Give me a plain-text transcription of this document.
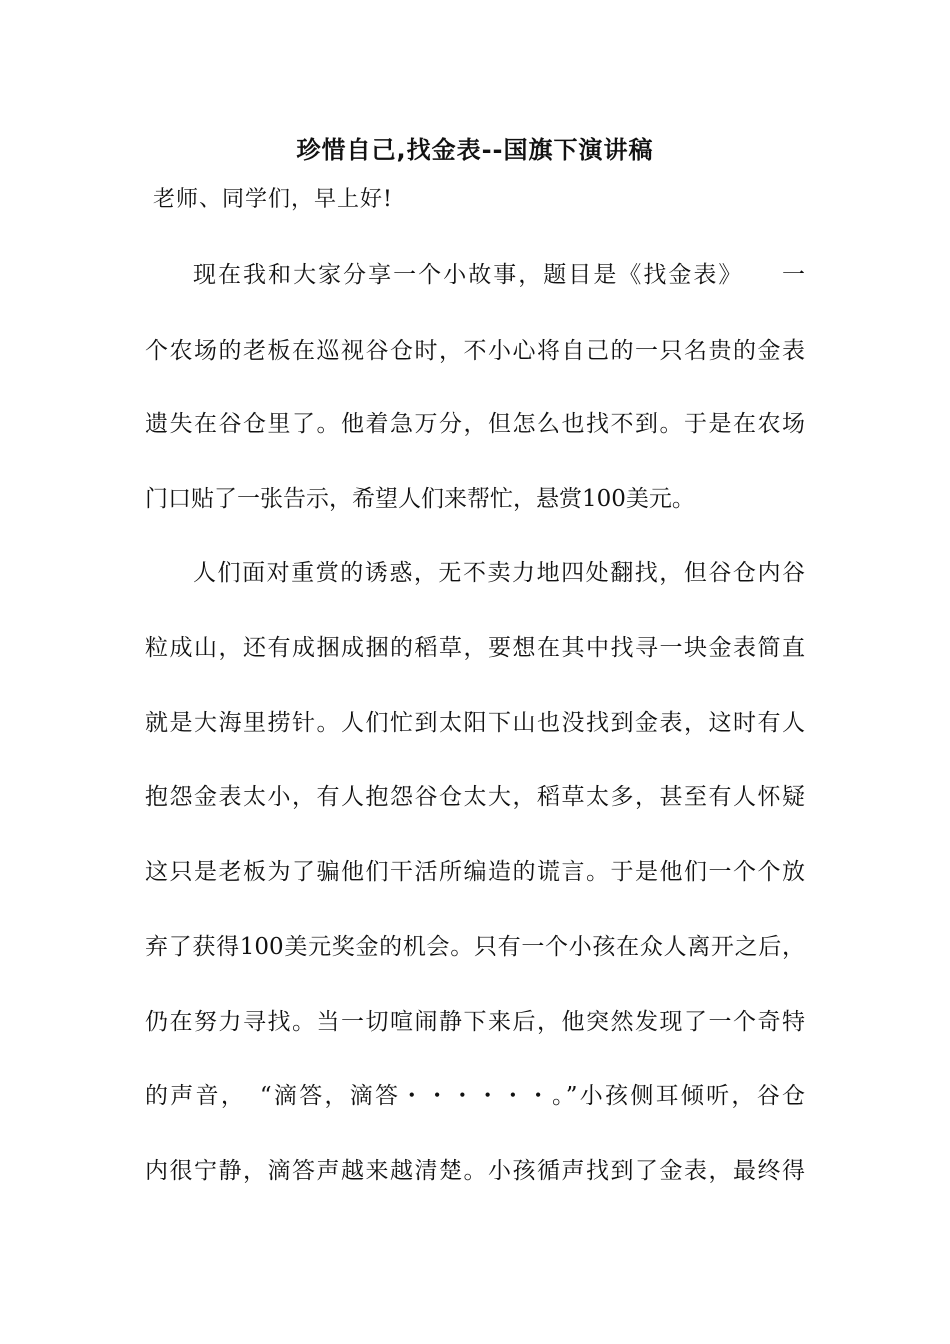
珍惜自己,找金表--国旗下演讲稿
老师、同学们，早上好!
现在我和大家分享一个小故事，题目是《找金表》　　一
个农场的老板在巡视谷仓时，不小心将自己的一只名贵的金表
遗失在谷仓里了。他着急万分，但怎么也找不到。于是在农场
门口贴了一张告示，希望人们来帮忙，悬赏100美元。
人们面对重赏的诱惑，无不卖力地四处翻找，但谷仓内谷
粒成山，还有成捆成捆的稻草，要想在其中找寻一块金表简直
就是大海里捞针。人们忙到太阳下山也没找到金表，这时有人
抱怨金表太小，有人抱怨谷仓太大，稻草太多，甚至有人怀疑
这只是老板为了骗他们干活所编造的谎言。于是他们一个个放
弃了获得100美元奖金的机会。只有一个小孩在众人离开之后，
仍在努力寻找。当一切喧闹静下来后，他突然发现了一个奇特
的声音，　“滴答，滴答・・・・・・。”小孩侧耳倾听，谷仓
内很宁静，滴答声越来越清楚。小孩循声找到了金表，最终得
